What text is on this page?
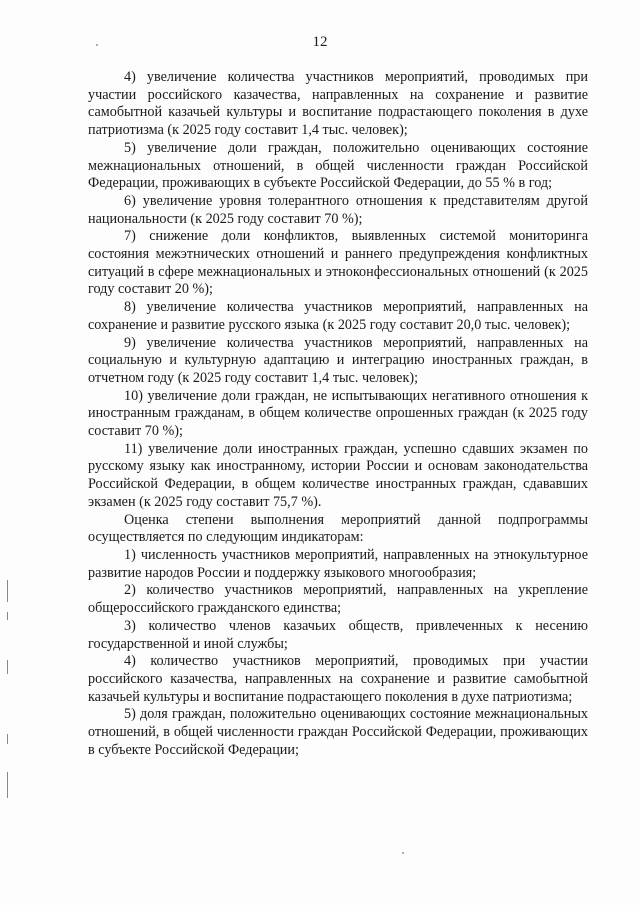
12

4) увеличение количества участников мероприятий, проводимых при участии российского казачества, направленных на сохранение и развитие самобытной казачьей культуры и воспитание подрастающего поколения в духе патриотизма (к 2025 году составит 1,4 тыс. человек);

5) увеличение доли граждан, положительно оценивающих состояние межнациональных отношений, в общей численности граждан Российской Федерации, проживающих в субъекте Российской Федерации, до 55 % в год;

6) увеличение уровня толерантного отношения к представителям другой национальности (к 2025 году составит 70 %);

7) снижение доли конфликтов, выявленных системой мониторинга состояния межэтнических отношений и раннего предупреждения конфликтных ситуаций в сфере межнациональных и этноконфессиональных отношений (к 2025 году составит 20 %);

8) увеличение количества участников мероприятий, направленных на сохранение и развитие русского языка (к 2025 году составит 20,0 тыс. человек);

9) увеличение количества участников мероприятий, направленных на социальную и культурную адаптацию и интеграцию иностранных граждан, в отчетном году (к 2025 году составит 1,4 тыс. человек);

10) увеличение доли граждан, не испытывающих негативного отношения к иностранным гражданам, в общем количестве опрошенных граждан (к 2025 году составит 70 %);

11) увеличение доли иностранных граждан, успешно сдавших экзамен по русскому языку как иностранному, истории России и основам законодательства Российской Федерации, в общем количестве иностранных граждан, сдававших экзамен (к 2025 году составит 75,7 %).

Оценка степени выполнения мероприятий данной подпрограммы осуществляется по следующим индикаторам:

1) численность участников мероприятий, направленных на этнокультурное развитие народов России и поддержку языкового многообразия;

2) количество участников мероприятий, направленных на укрепление общероссийского гражданского единства;

3) количество членов казачьих обществ, привлеченных к несению государственной и иной службы;

4) количество участников мероприятий, проводимых при участии российского казачества, направленных на сохранение и развитие самобытной казачьей культуры и воспитание подрастающего поколения в духе патриотизма;

5) доля граждан, положительно оценивающих состояние межнациональных отношений, в общей численности граждан Российской Федерации, проживающих в субъекте Российской Федерации;
